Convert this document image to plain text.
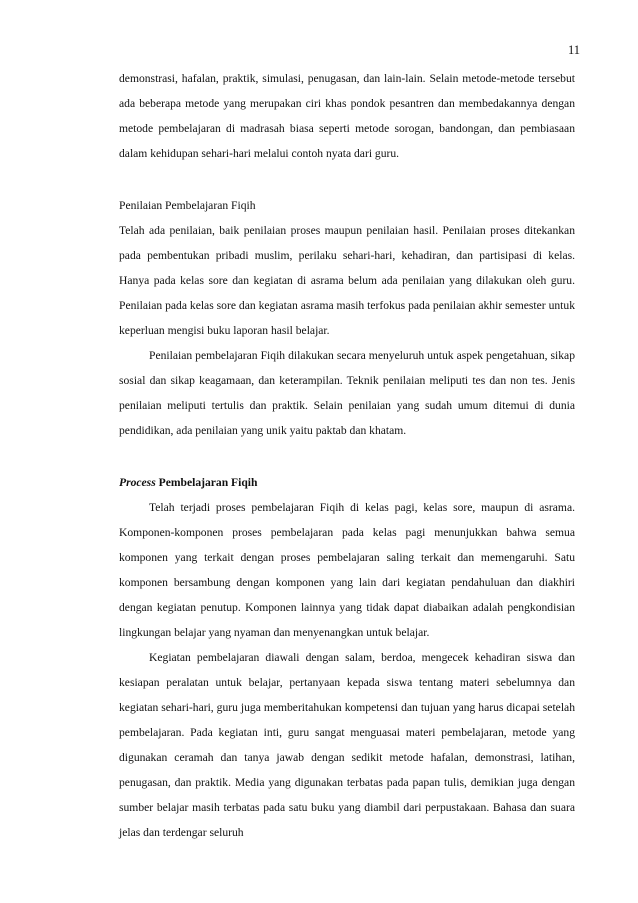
11

demonstrasi, hafalan, praktik, simulasi, penugasan, dan lain-lain. Selain metode-metode tersebut ada beberapa metode yang merupakan ciri khas pondok pesantren dan membedakannya dengan metode pembelajaran di madrasah biasa seperti metode sorogan, bandongan, dan pembiasaan dalam kehidupan sehari-hari melalui contoh nyata dari guru.

Penilaian Pembelajaran Fiqih

Telah ada penilaian, baik penilaian proses maupun penilaian hasil. Penilaian proses ditekankan pada pembentukan pribadi muslim, perilaku sehari-hari, kehadiran, dan partisipasi di kelas. Hanya pada kelas sore dan kegiatan di asrama belum ada penilaian yang dilakukan oleh guru. Penilaian pada kelas sore dan kegiatan asrama masih terfokus pada penilaian akhir semester untuk keperluan mengisi buku laporan hasil belajar.

Penilaian pembelajaran Fiqih dilakukan secara menyeluruh untuk aspek pengetahuan, sikap sosial dan sikap keagamaan, dan keterampilan. Teknik penilaian meliputi tes dan non tes. Jenis penilaian meliputi tertulis dan praktik. Selain penilaian yang sudah umum ditemui di dunia pendidikan, ada penilaian yang unik yaitu paktab dan khatam.

Process Pembelajaran Fiqih

Telah terjadi proses pembelajaran Fiqih di kelas pagi, kelas sore, maupun di asrama. Komponen-komponen proses pembelajaran pada kelas pagi menunjukkan bahwa semua komponen yang terkait dengan proses pembelajaran saling terkait dan memengaruhi. Satu komponen bersambung dengan komponen yang lain dari kegiatan pendahuluan dan diakhiri dengan kegiatan penutup. Komponen lainnya yang tidak dapat diabaikan adalah pengkondisian lingkungan belajar yang nyaman dan menyenangkan untuk belajar.

Kegiatan pembelajaran diawali dengan salam, berdoa, mengecek kehadiran siswa dan kesiapan peralatan untuk belajar, pertanyaan kepada siswa tentang materi sebelumnya dan kegiatan sehari-hari, guru juga memberitahukan kompetensi dan tujuan yang harus dicapai setelah pembelajaran. Pada kegiatan inti, guru sangat menguasai materi pembelajaran, metode yang digunakan ceramah dan tanya jawab dengan sedikit metode hafalan, demonstrasi, latihan, penugasan, dan praktik. Media yang digunakan terbatas pada papan tulis, demikian juga dengan sumber belajar masih terbatas pada satu buku yang diambil dari perpustakaan. Bahasa dan suara jelas dan terdengar seluruh
